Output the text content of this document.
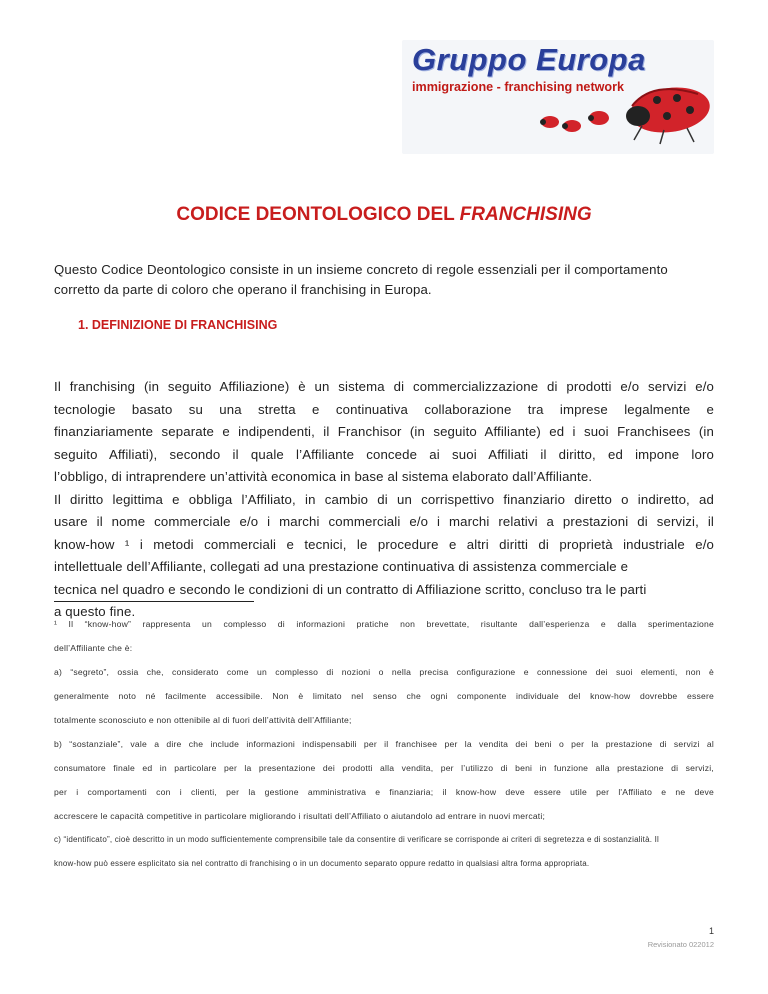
Gruppo Europa
immigrazione - franchising network
CODICE DEONTOLOGICO DEL FRANCHISING
Questo Codice Deontologico consiste in un insieme concreto di regole essenziali per il comportamento
corretto da parte di coloro che operano il franchising in Europa.
1. DEFINIZIONE DI FRANCHISING
Il franchising (in seguito Affiliazione) è un sistema di commercializzazione di prodotti e/o servizi e/o
tecnologie basato su una stretta e continuativa collaborazione tra imprese legalmente e
finanziariamente separate e indipendenti, il Franchisor (in seguito Affiliante) ed i suoi Franchisees (in
seguito Affiliati), secondo il quale l’Affiliante concede ai suoi Affiliati il diritto, ed impone loro
l’obbligo, di intraprendere un’attività economica in base al sistema elaborato dall’Affiliante.
Il diritto legittima e obbliga l’Affiliato, in cambio di un corrispettivo finanziario diretto o indiretto, ad
usare il nome commerciale e/o i marchi commerciali e/o i marchi relativi a prestazioni di servizi, il
know-how ¹ i metodi commerciali e tecnici, le procedure e altri diritti di proprietà industriale e/o
intellettuale dell’Affiliante, collegati ad una prestazione continuativa di assistenza commerciale e
tecnica nel quadro e secondo le condizioni di un contratto di Affiliazione scritto, concluso tra le parti
a questo fine.
¹ Il “know-how” rappresenta un complesso di informazioni pratiche non brevettate, risultante dall’esperienza e dalla sperimentazione
dell’Affiliante che è:
a) “segreto”, ossia che, considerato come un complesso di nozioni o nella precisa configurazione e connessione dei suoi elementi, non è
generalmente noto né facilmente accessibile. Non è limitato nel senso che ogni componente individuale del know-how dovrebbe essere
totalmente sconosciuto e non ottenibile al di fuori dell’attività dell’Affiliante;
b) “sostanziale”, vale a dire che include informazioni indispensabili per il franchisee per la vendita dei beni o per la prestazione di servizi al
consumatore finale ed in particolare per la presentazione dei prodotti alla vendita, per l’utilizzo di beni in funzione alla prestazione di servizi,
per i comportamenti con i clienti, per la gestione amministrativa e finanziaria; il know-how deve essere utile per l'Affiliato e ne deve
accrescere le capacità competitive in particolare migliorando i risultati dell’Affiliato o aiutandolo ad entrare in nuovi mercati;
c) “identificato”, cioè descritto in un modo sufficientemente comprensibile tale da consentire di verificare se corrisponde ai criteri di segretezza e di sostanzialità. Il
know-how può essere esplicitato sia nel contratto di franchising o in un documento separato oppure redatto in qualsiasi altra forma appropriata.
1
Revisionato 022012
